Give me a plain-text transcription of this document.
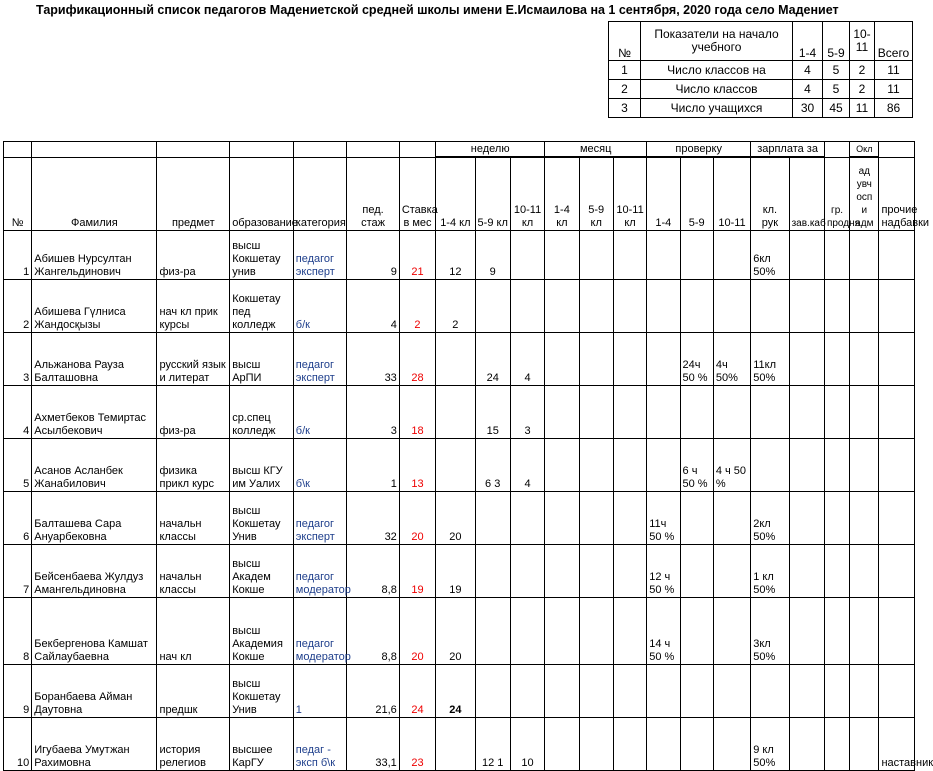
Тарификационный список педагогов Мадениетской средней школы имени Е.Исмаилова на 1 сентября, 2020 года село Мадениет
№	Показатели на начало учебного	1-4	5-9	10-11	Всего
1	Число классов на	4	5	2	11
2	Число классов	4	5	2	11
3	Число учащихся	30	45	11	86
							неделю			месяц			проверку			зарплата за			Окл	

№	Фамилия	предмет	образование	категория	пед. стаж	Ставка в мес	1-4 кл	5-9 кл	10-11 кл	1-4 кл	5-9 кл	10-11 кл	1-4	5-9	10-11	кл. рук	зав.каб	гр. продня	ад увч осп и адм	прочие надбавки
1	Абишев Нурсултан Жангельдинович	физ-ра	высш Кокшетау унив	педагог эксперт	9	21	12	9								6кл 50%				
2	Абишева Гүлниса Жандосқызы	нач кл прик курсы	Кокшетау пед колледж	б/к	4	2	2													
3	Альжанова Рауза Балташовна	русский язык и литерат	высш АрПИ	педагог эксперт	33	28		24	4					24ч 50 %	4ч 50%	11кл 50%				
4	Ахметбеков Темиртас Асылбекович	физ-ра	ср.спец колледж	б/к	3	18		15	3											
5	Асанов Асланбек Жанабилович	физика прикл курс	высш КГУ им Уалих	б\к	1	13		6 3	4					6 ч 50 %	4 ч 50 %					
6	Балташева Сара Ануарбековна	начальн классы	высш Кокшетау Унив	педагог эксперт	32	20	20						11ч 50 %			2кл 50%				
7	Бейсенбаева Жулдуз Амангельдиновна	начальн классы	высш Академ Кокше	педагог модератор	8,8	19	19						12 ч 50 %			1 кл 50%				
8	Бекбергенова Камшат Сайлаубаевна	нач кл	высш Академия Кокше	педагог модератор	8,8	20	20						14 ч 50 %			3кл 50%				
9	Боранбаева Айман Даутовна	предшк	высш Кокшетау Унив	1	21,6	24	24													
10	Игубаева Умутжан Рахимовна	история релегиов	высшее КарГУ	педаг - эксп б\к	33,1	23		12 1	10							9 кл 50%				наставник
